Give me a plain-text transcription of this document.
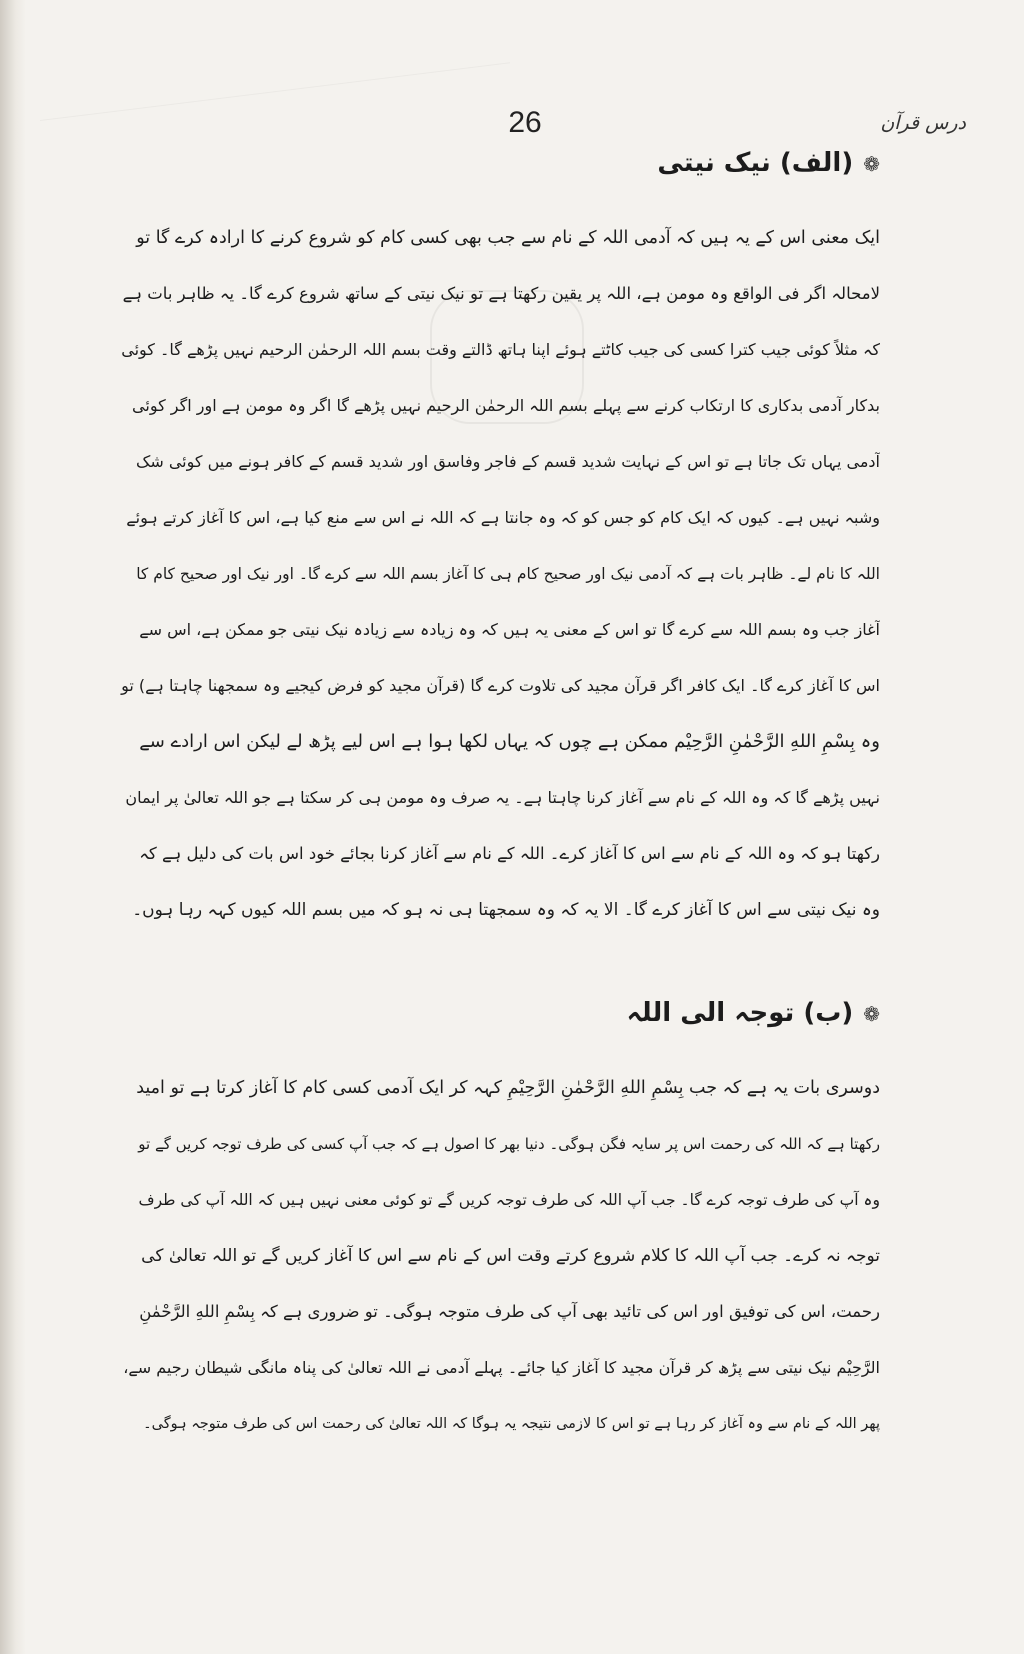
26	درس قرآن
❁(الف) نیک نیتی
ایک معنی اس کے یہ ہیں کہ آدمی اللہ کے نام سے جب بھی کسی کام کو شروع کرنے کا ارادہ کرے گا تو
لامحالہ اگر فی الواقع وہ مومن ہے، اللہ پر یقین رکھتا ہے تو نیک نیتی کے ساتھ شروع کرے گا۔ یہ ظاہر بات ہے
کہ مثلاً کوئی جیب کترا کسی کی جیب کاٹتے ہوئے اپنا ہاتھ ڈالتے وقت بسم اللہ الرحمٰن الرحیم نہیں پڑھے گا۔ کوئی
بدکار آدمی بدکاری کا ارتکاب کرنے سے پہلے بسم اللہ الرحمٰن الرحیم نہیں پڑھے گا اگر وہ مومن ہے اور اگر کوئی
آدمی یہاں تک جاتا ہے تو اس کے نہایت شدید قسم کے فاجر وفاسق اور شدید قسم کے کافر ہونے میں کوئی شک
وشبہ نہیں ہے۔ کیوں کہ ایک کام کو جس کو کہ وہ جانتا ہے کہ اللہ نے اس سے منع کیا ہے، اس کا آغاز کرتے ہوئے
اللہ کا نام لے۔ ظاہر بات ہے کہ آدمی نیک اور صحیح کام ہی کا آغاز بسم اللہ سے کرے گا۔ اور نیک اور صحیح کام کا
آغاز جب وہ بسم اللہ سے کرے گا تو اس کے معنی یہ ہیں کہ وہ زیادہ سے زیادہ نیک نیتی جو ممکن ہے، اس سے
اس کا آغاز کرے گا۔ ایک کافر اگر قرآن مجید کی تلاوت کرے گا (قرآن مجید کو فرض کیجیے وہ سمجھنا چاہتا ہے) تو
وہ بِسْمِ اللهِ الرَّحْمٰنِ الرَّحِیْم ممکن ہے چوں کہ یہاں لکھا ہوا ہے اس لیے پڑھ لے لیکن اس ارادے سے
نہیں پڑھے گا کہ وہ اللہ کے نام سے آغاز کرنا چاہتا ہے۔ یہ صرف وہ مومن ہی کر سکتا ہے جو اللہ تعالیٰ پر ایمان
رکھتا ہو کہ وہ اللہ کے نام سے اس کا آغاز کرے۔ اللہ کے نام سے آغاز کرنا بجائے خود اس بات کی دلیل ہے کہ
وہ نیک نیتی سے اس کا آغاز کرے گا۔ الا یہ کہ وہ سمجھتا ہی نہ ہو کہ میں بسم اللہ کیوں کہہ رہا ہوں۔
❁(ب) توجہ الی اللہ
دوسری بات یہ ہے کہ جب بِسْمِ اللهِ الرَّحْمٰنِ الرَّحِیْمِ کہہ کر ایک آدمی کسی کام کا آغاز کرتا ہے تو امید
رکھتا ہے کہ اللہ کی رحمت اس پر سایہ فگن ہوگی۔ دنیا بھر کا اصول ہے کہ جب آپ کسی کی طرف توجہ کریں گے تو
وہ آپ کی طرف توجہ کرے گا۔ جب آپ اللہ کی طرف توجہ کریں گے تو کوئی معنی نہیں ہیں کہ اللہ آپ کی طرف
توجہ نہ کرے۔ جب آپ اللہ کا کلام شروع کرتے وقت اس کے نام سے اس کا آغاز کریں گے تو اللہ تعالیٰ کی
رحمت، اس کی توفیق اور اس کی تائید بھی آپ کی طرف متوجہ ہوگی۔ تو ضروری ہے کہ بِسْمِ اللهِ الرَّحْمٰنِ
الرَّحِیْم نیک نیتی سے پڑھ کر قرآن مجید کا آغاز کیا جائے۔ پہلے آدمی نے اللہ تعالیٰ کی پناہ مانگی شیطان رجیم سے،
پھر اللہ کے نام سے وہ آغاز کر رہا ہے تو اس کا لازمی نتیجہ یہ ہوگا کہ اللہ تعالیٰ کی رحمت اس کی طرف متوجہ ہوگی۔
